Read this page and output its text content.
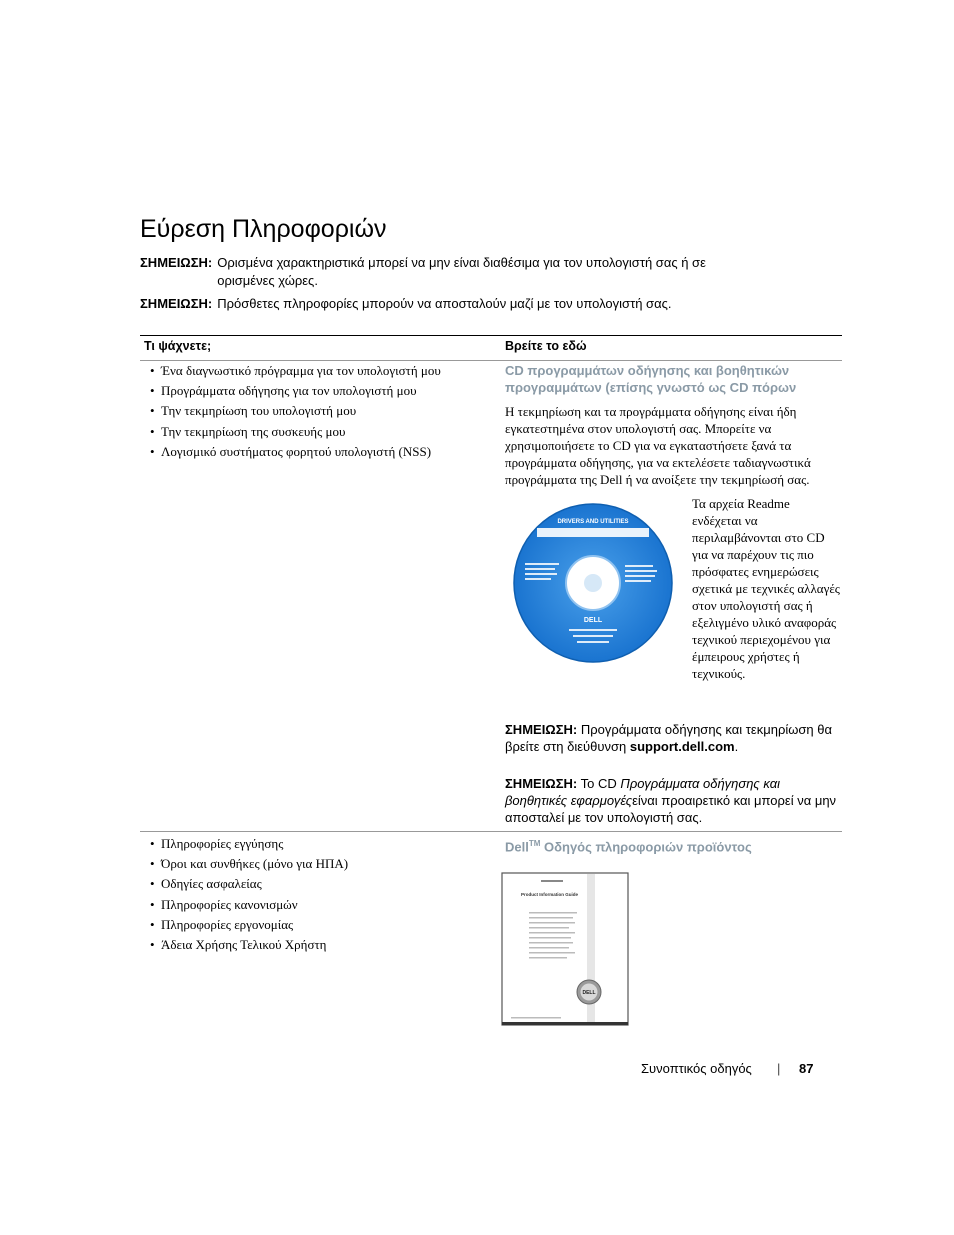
Εύρεση Πληροφοριών
ΣΗΜΕΙΩΣΗ: Ορισμένα χαρακτηριστικά μπορεί να μην είναι διαθέσιμα για τον υπολογιστή σας ή σε ορισμένες χώρες.
ΣΗΜΕΙΩΣΗ: Πρόσθετες πληροφορίες μπορούν να αποσταλούν μαζί με τον υπολογιστή σας.
Τι ψάχνετε;	Βρείτε το εδώ
• Ένα διαγνωστικό πρόγραμμα για τον υπολογιστή μου
• Προγράμματα οδήγησης για τον υπολογιστή μου
• Την τεκμηρίωση του υπολογιστή μου
• Την τεκμηρίωση της συσκευής μου
• Λογισμικό συστήματος φορητού υπολογιστή (NSS)
CD προγραμμάτων οδήγησης και βοηθητικών προγραμμάτων (επίσης γνωστό ως CD πόρων
Η τεκμηρίωση και τα προγράμματα οδήγησης είναι ήδη εγκατεστημένα στον υπολογιστή σας. Μπορείτε να χρησιμοποιήσετε το CD για να εγκαταστήσετε ξανά τα προγράμματα οδήγησης, για να εκτελέσετε ταδιαγνωστικά προγράμματα της Dell ή να ανοίξετε την τεκμηρίωσή σας.
DRIVERS AND UTILITIES
DELL
Τα αρχεία Readme ενδέχεται να περιλαμβάνονται στο CD για να παρέχουν τις πιο πρόσφατες ενημερώσεις σχετικά με τεχνικές αλλαγές στον υπολογιστή σας ή εξελιγμένο υλικό αναφοράς τεχνικού περιεχομένου για έμπειρους χρήστες ή τεχνικούς.
ΣΗΜΕΙΩΣΗ: Προγράμματα οδήγησης και τεκμηρίωση θα βρείτε στη διεύθυνση support.dell.com.
ΣΗΜΕΙΩΣΗ: Το CD Προγράμματα οδήγησης και βοηθητικές εφαρμογέςείναι προαιρετικό και μπορεί να μην αποσταλεί με τον υπολογιστή σας.
• Πληροφορίες εγγύησης
• Όροι και συνθήκες (μόνο για ΗΠΑ)
• Οδηγίες ασφαλείας
• Πληροφορίες κανονισμών
• Πληροφορίες εργονομίας
• Άδεια Χρήσης Τελικού Χρήστη
Dell™ Οδηγός πληροφοριών προϊόντος
Product Information Guide
DELL
Συνοπτικός οδηγός | 87
